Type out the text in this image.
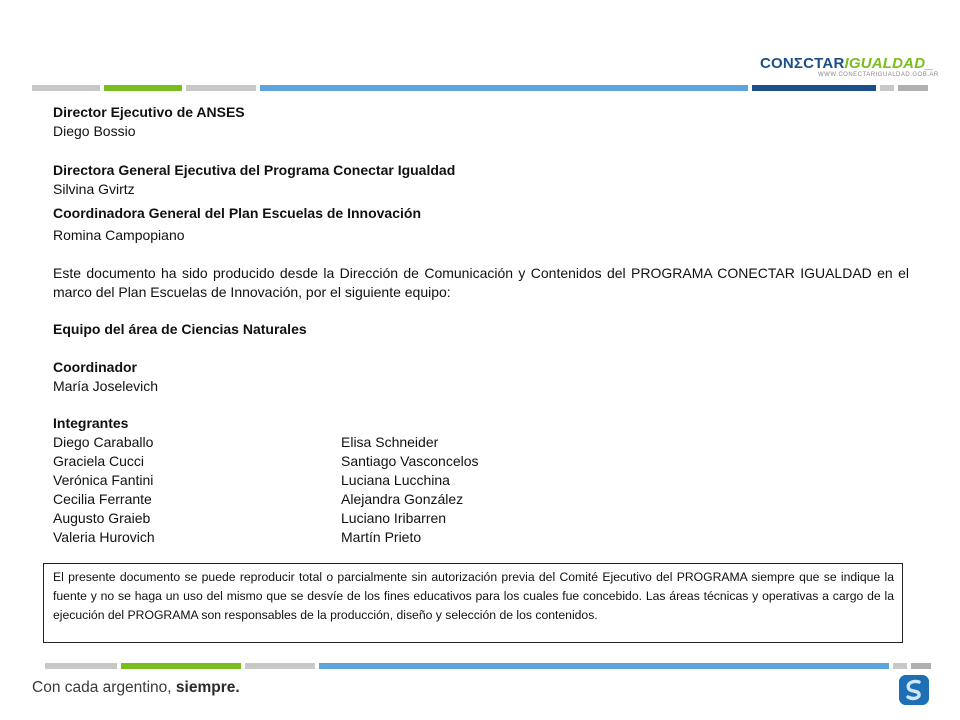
CONΣCTARIGUALDAD_
WWW.CONECTARIGUALDAD.GOB.AR

Director Ejecutivo de ANSES

Diego Bossio

Directora General Ejecutiva del Programa Conectar Igualdad

Silvina Gvirtz

Coordinadora General del Plan Escuelas de Innovación

Romina Campopiano

Este documento ha sido producido desde la Dirección de Comunicación y Contenidos del PROGRAMA CONECTAR IGUALDAD en el marco del Plan Escuelas de Innovación, por el siguiente equipo:

Equipo del área de Ciencias Naturales

Coordinador

María Joselevich

Integrantes

Diego Caraballo	Elisa Schneider
Graciela Cucci	Santiago Vasconcelos
Verónica Fantini	Luciana Lucchina
Cecilia Ferrante	Alejandra González
Augusto Graieb	Luciano Iribarren
Valeria Hurovich	Martín Prieto
El presente documento se puede reproducir total o parcialmente sin autorización previa del Comité Ejecutivo del PROGRAMA siempre que se indique la fuente y no se haga un uso del mismo que se desvíe de los fines educativos para los cuales fue concebido. Las áreas técnicas y operativas a cargo de la ejecución del PROGRAMA son responsables de la producción, diseño y selección de los contenidos.
Con cada argentino, siempre.
